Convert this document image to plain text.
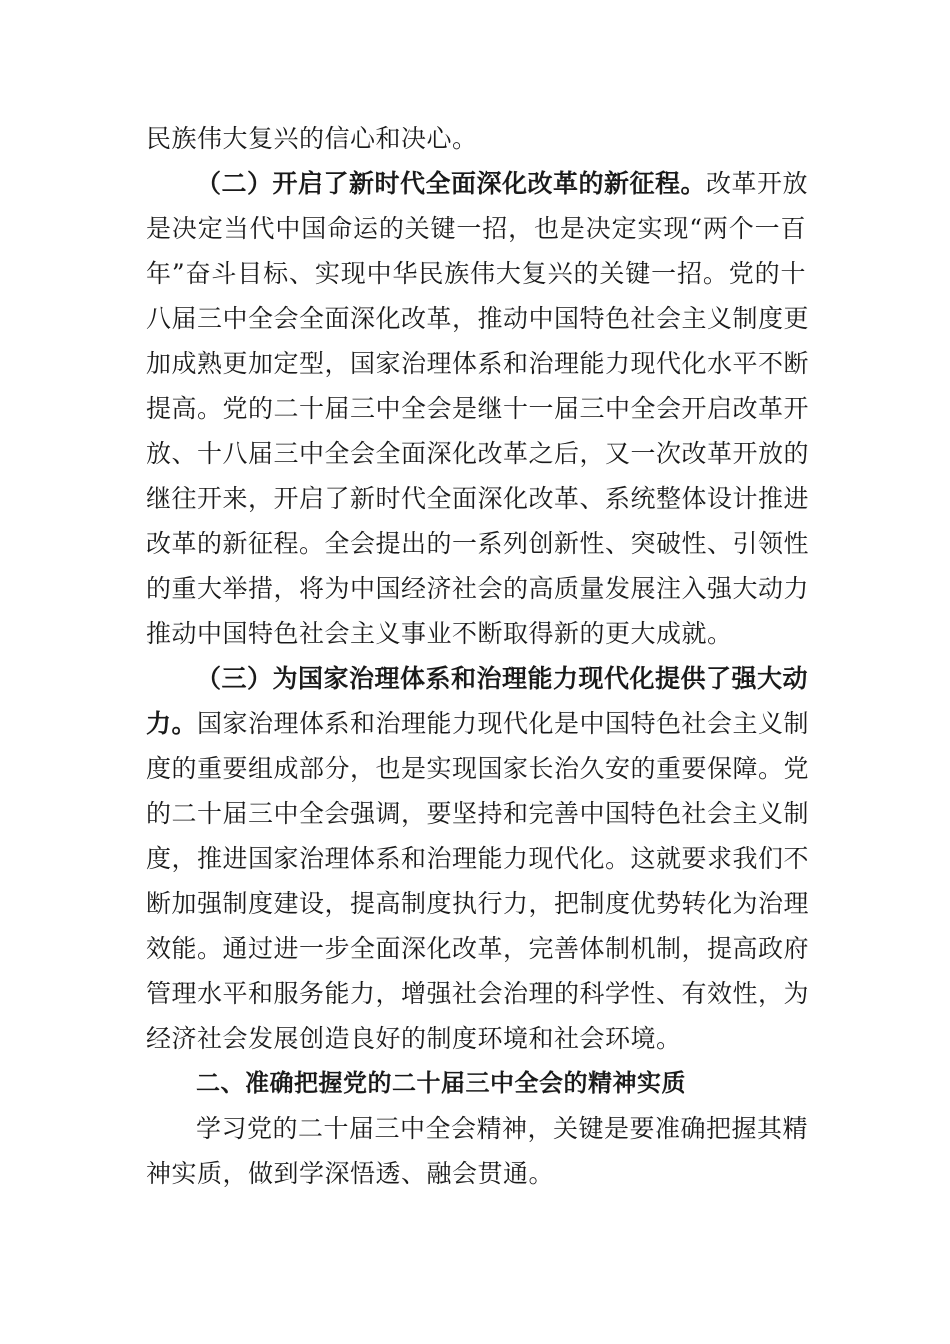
民族伟大复兴的信心和决心。
（二）开启了新时代全面深化改革的新征程。改革开放
是决定当代中国命运的关键一招，也是决定实现“两个一百
年”奋斗目标、实现中华民族伟大复兴的关键一招。党的十
八届三中全会全面深化改革，推动中国特色社会主义制度更
加成熟更加定型，国家治理体系和治理能力现代化水平不断
提高。党的二十届三中全会是继十一届三中全会开启改革开
放、十八届三中全会全面深化改革之后，又一次改革开放的
继往开来，开启了新时代全面深化改革、系统整体设计推进
改革的新征程。全会提出的一系列创新性、突破性、引领性
的重大举措，将为中国经济社会的高质量发展注入强大动力
推动中国特色社会主义事业不断取得新的更大成就。
（三）为国家治理体系和治理能力现代化提供了强大动
力。国家治理体系和治理能力现代化是中国特色社会主义制
度的重要组成部分，也是实现国家长治久安的重要保障。党
的二十届三中全会强调，要坚持和完善中国特色社会主义制
度，推进国家治理体系和治理能力现代化。这就要求我们不
断加强制度建设，提高制度执行力，把制度优势转化为治理
效能。通过进一步全面深化改革，完善体制机制，提高政府
管理水平和服务能力，增强社会治理的科学性、有效性，为
经济社会发展创造良好的制度环境和社会环境。
二、准确把握党的二十届三中全会的精神实质
学习党的二十届三中全会精神，关键是要准确把握其精
神实质，做到学深悟透、融会贯通。
